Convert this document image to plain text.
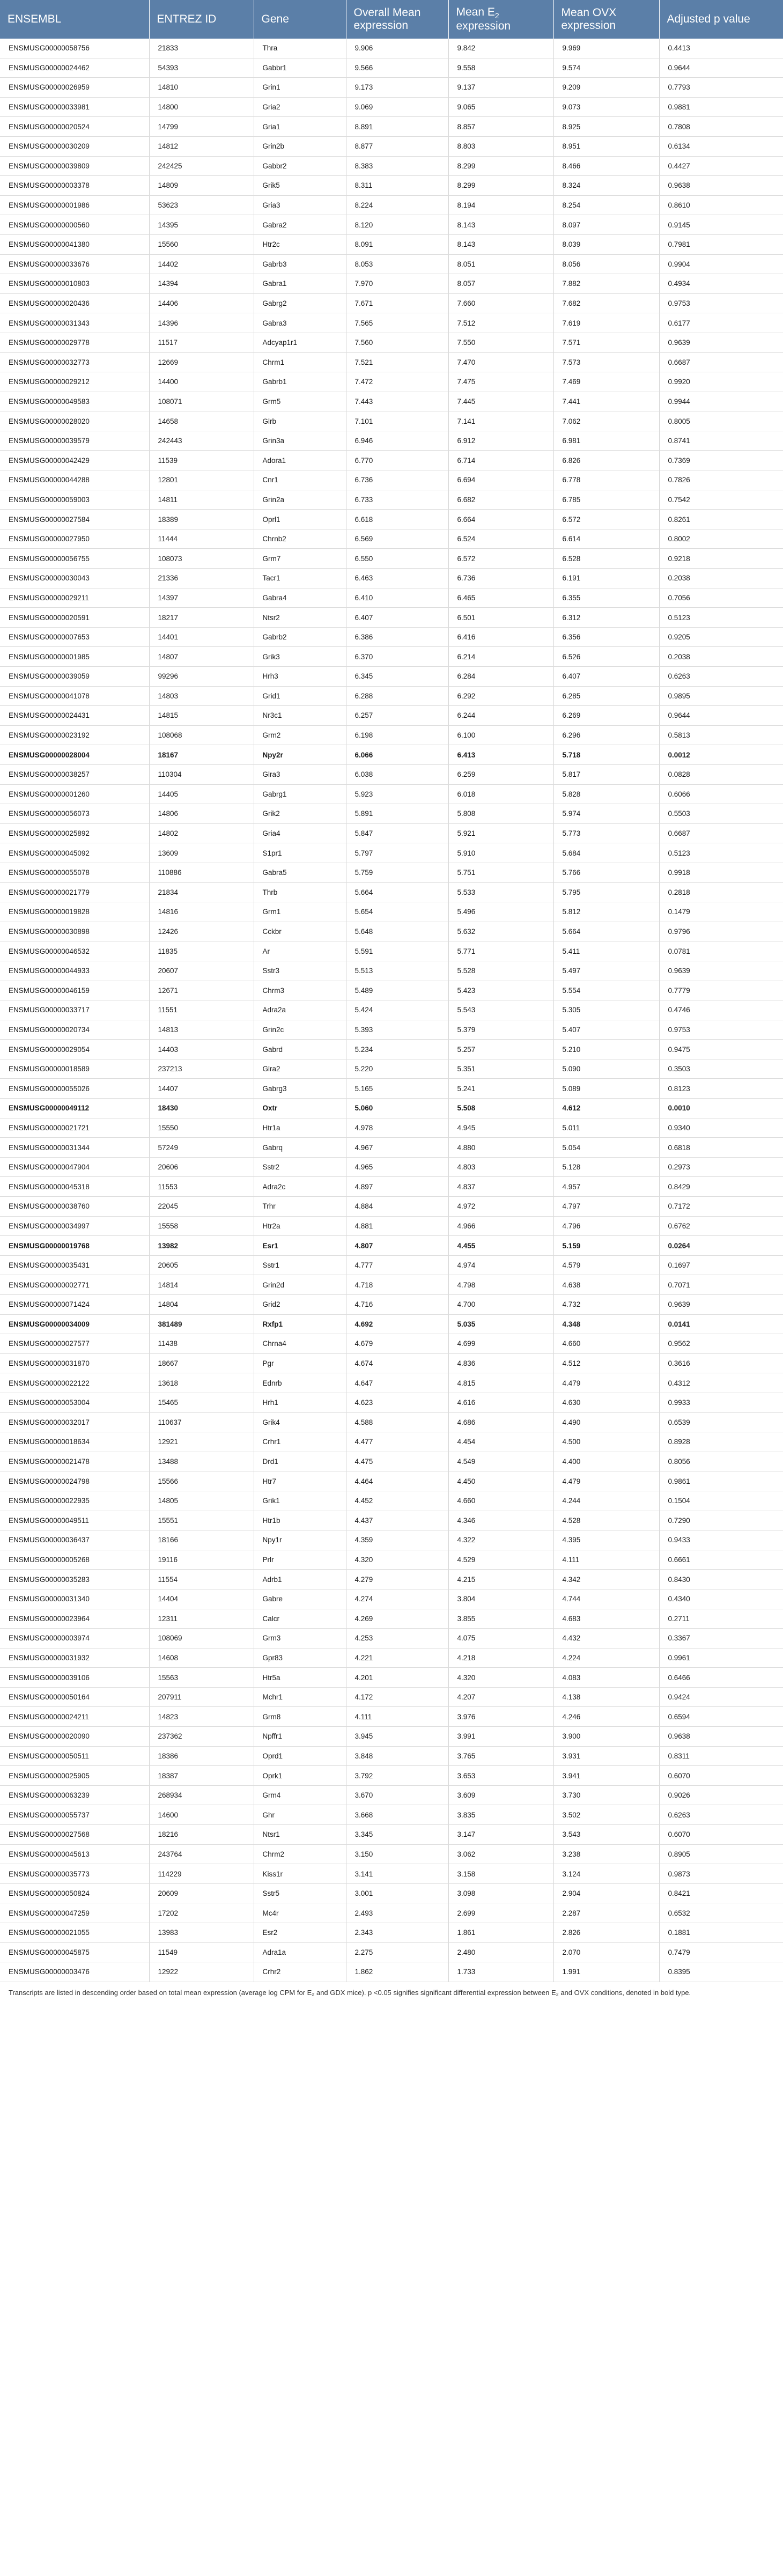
ENSEMBL	ENTREZ ID	Gene	Overall Mean expression	Mean $E_2$ expression	Mean OVX expression	Adjusted p value
ENSMUSG00000058756	21833	Thra	9.906	9.842	9.969	0.4413
ENSMUSG00000024462	54393	Gabbr1	9.566	9.558	9.574	0.9644
ENSMUSG00000026959	14810	Grin1	9.173	9.137	9.209	0.7793
ENSMUSG00000033981	14800	Gria2	9.069	9.065	9.073	0.9881
ENSMUSG00000020524	14799	Gria1	8.891	8.857	8.925	0.7808
ENSMUSG00000030209	14812	Grin2b	8.877	8.803	8.951	0.6134
ENSMUSG00000039809	242425	Gabbr2	8.383	8.299	8.466	0.4427
ENSMUSG00000003378	14809	Grik5	8.311	8.299	8.324	0.9638
ENSMUSG00000001986	53623	Gria3	8.224	8.194	8.254	0.8610
ENSMUSG00000000560	14395	Gabra2	8.120	8.143	8.097	0.9145
ENSMUSG00000041380	15560	Htr2c	8.091	8.143	8.039	0.7981
ENSMUSG00000033676	14402	Gabrb3	8.053	8.051	8.056	0.9904
ENSMUSG00000010803	14394	Gabra1	7.970	8.057	7.882	0.4934
ENSMUSG00000020436	14406	Gabrg2	7.671	7.660	7.682	0.9753
ENSMUSG00000031343	14396	Gabra3	7.565	7.512	7.619	0.6177
ENSMUSG00000029778	11517	Adcyap1r1	7.560	7.550	7.571	0.9639
ENSMUSG00000032773	12669	Chrm1	7.521	7.470	7.573	0.6687
ENSMUSG00000029212	14400	Gabrb1	7.472	7.475	7.469	0.9920
ENSMUSG00000049583	108071	Grm5	7.443	7.445	7.441	0.9944
ENSMUSG00000028020	14658	Glrb	7.101	7.141	7.062	0.8005
ENSMUSG00000039579	242443	Grin3a	6.946	6.912	6.981	0.8741
ENSMUSG00000042429	11539	Adora1	6.770	6.714	6.826	0.7369
ENSMUSG00000044288	12801	Cnr1	6.736	6.694	6.778	0.7826
ENSMUSG00000059003	14811	Grin2a	6.733	6.682	6.785	0.7542
ENSMUSG00000027584	18389	Oprl1	6.618	6.664	6.572	0.8261
ENSMUSG00000027950	11444	Chrnb2	6.569	6.524	6.614	0.8002
ENSMUSG00000056755	108073	Grm7	6.550	6.572	6.528	0.9218
ENSMUSG00000030043	21336	Tacr1	6.463	6.736	6.191	0.2038
ENSMUSG00000029211	14397	Gabra4	6.410	6.465	6.355	0.7056
ENSMUSG00000020591	18217	Ntsr2	6.407	6.501	6.312	0.5123
ENSMUSG00000007653	14401	Gabrb2	6.386	6.416	6.356	0.9205
ENSMUSG00000001985	14807	Grik3	6.370	6.214	6.526	0.2038
ENSMUSG00000039059	99296	Hrh3	6.345	6.284	6.407	0.6263
ENSMUSG00000041078	14803	Grid1	6.288	6.292	6.285	0.9895
ENSMUSG00000024431	14815	Nr3c1	6.257	6.244	6.269	0.9644
ENSMUSG00000023192	108068	Grm2	6.198	6.100	6.296	0.5813
ENSMUSG00000028004	18167	Npy2r	6.066	6.413	5.718	0.0012
ENSMUSG00000038257	110304	Glra3	6.038	6.259	5.817	0.0828
ENSMUSG00000001260	14405	Gabrg1	5.923	6.018	5.828	0.6066
ENSMUSG00000056073	14806	Grik2	5.891	5.808	5.974	0.5503
ENSMUSG00000025892	14802	Gria4	5.847	5.921	5.773	0.6687
ENSMUSG00000045092	13609	S1pr1	5.797	5.910	5.684	0.5123
ENSMUSG00000055078	110886	Gabra5	5.759	5.751	5.766	0.9918
ENSMUSG00000021779	21834	Thrb	5.664	5.533	5.795	0.2818
ENSMUSG00000019828	14816	Grm1	5.654	5.496	5.812	0.1479
ENSMUSG00000030898	12426	Cckbr	5.648	5.632	5.664	0.9796
ENSMUSG00000046532	11835	Ar	5.591	5.771	5.411	0.0781
ENSMUSG00000044933	20607	Sstr3	5.513	5.528	5.497	0.9639
ENSMUSG00000046159	12671	Chrm3	5.489	5.423	5.554	0.7779
ENSMUSG00000033717	11551	Adra2a	5.424	5.543	5.305	0.4746
ENSMUSG00000020734	14813	Grin2c	5.393	5.379	5.407	0.9753
ENSMUSG00000029054	14403	Gabrd	5.234	5.257	5.210	0.9475
ENSMUSG00000018589	237213	Glra2	5.220	5.351	5.090	0.3503
ENSMUSG00000055026	14407	Gabrg3	5.165	5.241	5.089	0.8123
ENSMUSG00000049112	18430	Oxtr	5.060	5.508	4.612	0.0010
ENSMUSG00000021721	15550	Htr1a	4.978	4.945	5.011	0.9340
ENSMUSG00000031344	57249	Gabrq	4.967	4.880	5.054	0.6818
ENSMUSG00000047904	20606	Sstr2	4.965	4.803	5.128	0.2973
ENSMUSG00000045318	11553	Adra2c	4.897	4.837	4.957	0.8429
ENSMUSG00000038760	22045	Trhr	4.884	4.972	4.797	0.7172
ENSMUSG00000034997	15558	Htr2a	4.881	4.966	4.796	0.6762
ENSMUSG00000019768	13982	Esr1	4.807	4.455	5.159	0.0264
ENSMUSG00000035431	20605	Sstr1	4.777	4.974	4.579	0.1697
ENSMUSG00000002771	14814	Grin2d	4.718	4.798	4.638	0.7071
ENSMUSG00000071424	14804	Grid2	4.716	4.700	4.732	0.9639
ENSMUSG00000034009	381489	Rxfp1	4.692	5.035	4.348	0.0141
ENSMUSG00000027577	11438	Chrna4	4.679	4.699	4.660	0.9562
ENSMUSG00000031870	18667	Pgr	4.674	4.836	4.512	0.3616
ENSMUSG00000022122	13618	Ednrb	4.647	4.815	4.479	0.4312
ENSMUSG00000053004	15465	Hrh1	4.623	4.616	4.630	0.9933
ENSMUSG00000032017	110637	Grik4	4.588	4.686	4.490	0.6539
ENSMUSG00000018634	12921	Crhr1	4.477	4.454	4.500	0.8928
ENSMUSG00000021478	13488	Drd1	4.475	4.549	4.400	0.8056
ENSMUSG00000024798	15566	Htr7	4.464	4.450	4.479	0.9861
ENSMUSG00000022935	14805	Grik1	4.452	4.660	4.244	0.1504
ENSMUSG00000049511	15551	Htr1b	4.437	4.346	4.528	0.7290
ENSMUSG00000036437	18166	Npy1r	4.359	4.322	4.395	0.9433
ENSMUSG00000005268	19116	Prlr	4.320	4.529	4.111	0.6661
ENSMUSG00000035283	11554	Adrb1	4.279	4.215	4.342	0.8430
ENSMUSG00000031340	14404	Gabre	4.274	3.804	4.744	0.4340
ENSMUSG00000023964	12311	Calcr	4.269	3.855	4.683	0.2711
ENSMUSG00000003974	108069	Grm3	4.253	4.075	4.432	0.3367
ENSMUSG00000031932	14608	Gpr83	4.221	4.218	4.224	0.9961
ENSMUSG00000039106	15563	Htr5a	4.201	4.320	4.083	0.6466
ENSMUSG00000050164	207911	Mchr1	4.172	4.207	4.138	0.9424
ENSMUSG00000024211	14823	Grm8	4.111	3.976	4.246	0.6594
ENSMUSG00000020090	237362	Npffr1	3.945	3.991	3.900	0.9638
ENSMUSG00000050511	18386	Oprd1	3.848	3.765	3.931	0.8311
ENSMUSG00000025905	18387	Oprk1	3.792	3.653	3.941	0.6070
ENSMUSG00000063239	268934	Grm4	3.670	3.609	3.730	0.9026
ENSMUSG00000055737	14600	Ghr	3.668	3.835	3.502	0.6263
ENSMUSG00000027568	18216	Ntsr1	3.345	3.147	3.543	0.6070
ENSMUSG00000045613	243764	Chrm2	3.150	3.062	3.238	0.8905
ENSMUSG00000035773	114229	Kiss1r	3.141	3.158	3.124	0.9873
ENSMUSG00000050824	20609	Sstr5	3.001	3.098	2.904	0.8421
ENSMUSG00000047259	17202	Mc4r	2.493	2.699	2.287	0.6532
ENSMUSG00000021055	13983	Esr2	2.343	1.861	2.826	0.1881
ENSMUSG00000045875	11549	Adra1a	2.275	2.480	2.070	0.7479
ENSMUSG00000003476	12922	Crhr2	1.862	1.733	1.991	0.8395
Transcripts are listed in descending order based on total mean expression (average log CPM for E₂ and GDX mice). p <0.05 signifies significant differential expression between E₂ and OVX conditions, denoted in bold type.
